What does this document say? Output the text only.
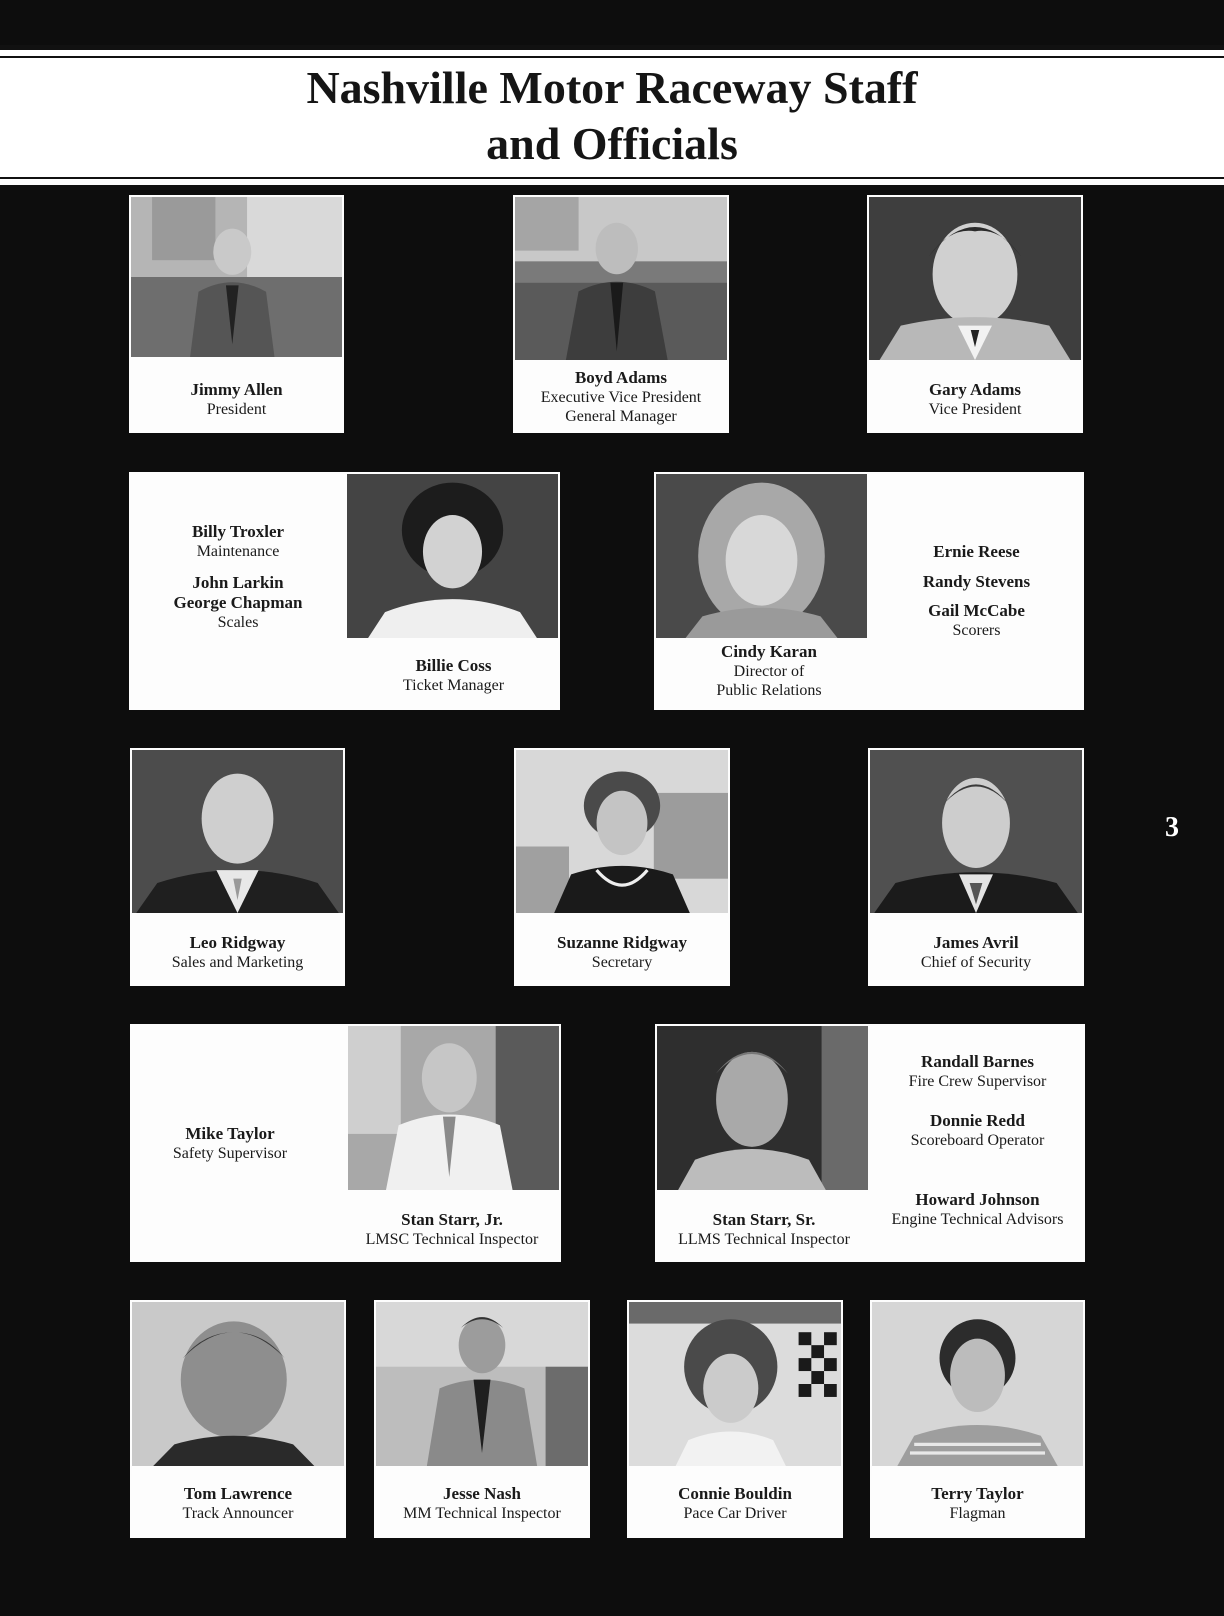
Nashville Motor Raceway Staff
and Officials
Jimmy Allen
President
Boyd Adams
Executive Vice President
General Manager
Gary Adams
Vice President
Billy Troxler
Maintenance
John Larkin
George Chapman
Scales
Billie Coss
Ticket Manager
Cindy Karan
Director of
Public Relations
Ernie Reese
Randy Stevens
Gail McCabe
Scorers
Leo Ridgway
Sales and Marketing
Suzanne Ridgway
Secretary
James Avril
Chief of Security
Mike Taylor
Safety Supervisor
Stan Starr, Jr.
LMSC Technical Inspector
Stan Starr, Sr.
LLMS Technical Inspector
Randall Barnes
Fire Crew Supervisor
Donnie Redd
Scoreboard Operator
Howard Johnson
Engine Technical Advisors
Tom Lawrence
Track Announcer
Jesse Nash
MM Technical Inspector
Connie Bouldin
Pace Car Driver
Terry Taylor
Flagman
3
